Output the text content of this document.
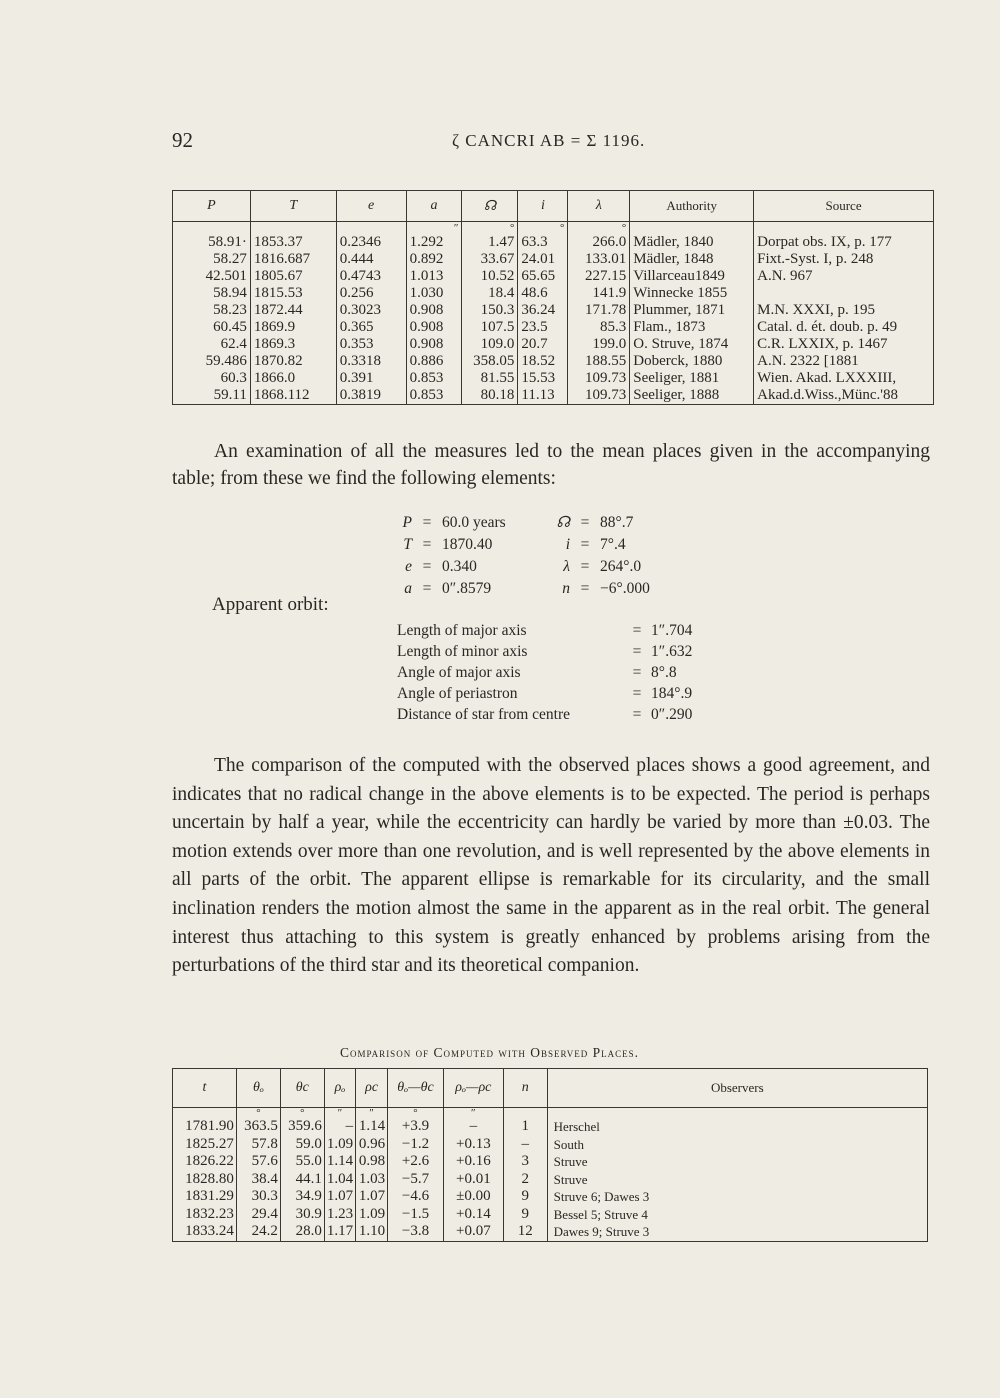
92	ζ CANCRI AB = Σ 1196.
P	T	e	a	☊	i	λ	Authority	Source
			″	°	°	°		
58.91·	1853.37	0.2346	1.292	1.47	63.3	266.0	Mädler, 1840	Dorpat obs. IX, p. 177
58.27	1816.687	0.444	0.892	33.67	24.01	133.01	Mädler, 1848	Fixt.-Syst. I, p. 248
42.501	1805.67	0.4743	1.013	10.52	65.65	227.15	Villarceau1849	A.N. 967
58.94	1815.53	0.256	1.030	18.4	48.6	141.9	Winnecke 1855	
58.23	1872.44	0.3023	0.908	150.3	36.24	171.78	Plummer, 1871	M.N. XXXI, p. 195
60.45	1869.9	0.365	0.908	107.5	23.5	85.3	Flam., 1873	Catal. d. ét. doub. p. 49
62.4	1869.3	0.353	0.908	109.0	20.7	199.0	O. Struve, 1874	C.R. LXXIX, p. 1467
59.486	1870.82	0.3318	0.886	358.05	18.52	188.55	Doberck, 1880	A.N. 2322 [1881
60.3	1866.0	0.391	0.853	81.55	15.53	109.73	Seeliger, 1881	Wien. Akad. LXXXIII,
59.11	1868.112	0.3819	0.853	80.18	11.13	109.73	Seeliger, 1888	Akad.d.Wiss.,Münc.'88
An examination of all the measures led to the mean places given in the accompanying table; from these we find the following elements:
P = 60.0 years
T = 1870.40
e = 0.340
a = 0″.8579
☊ = 88°.7
i = 7°.4
λ = 264°.0
n = −6°.000
Apparent orbit:
Length of major axis	= 1″.704
Length of minor axis	= 1″.632
Angle of major axis	= 8°.8
Angle of periastron	= 184°.9
Distance of star from centre	= 0″.290
The comparison of the computed with the observed places shows a good agreement, and indicates that no radical change in the above elements is to be expected. The period is perhaps uncertain by half a year, while the eccentricity can hardly be varied by more than ±0.03. The motion extends over more than one revolution, and is well represented by the above elements in all parts of the orbit. The apparent ellipse is remarkable for its circularity, and the small inclination renders the motion almost the same in the apparent as in the real orbit. The general interest thus attaching to this system is greatly enhanced by problems arising from the perturbations of the third star and its theoretical companion.
Comparison of Computed with Observed Places.
t	θₒ	θc	ρₒ	ρc	θₒ—θc	ρₒ—ρc	n	Observers
	°	°	″	″	°	″		
1781.90	363.5	359.6	–	1.14	+3.9	–	1	Herschel
1825.27	57.8	59.0	1.09	0.96	−1.2	+0.13	–	South
1826.22	57.6	55.0	1.14	0.98	+2.6	+0.16	3	Struve
1828.80	38.4	44.1	1.04	1.03	−5.7	+0.01	2	Struve
1831.29	30.3	34.9	1.07	1.07	−4.6	±0.00	9	Struve 6; Dawes 3
1832.23	29.4	30.9	1.23	1.09	−1.5	+0.14	9	Bessel 5; Struve 4
1833.24	24.2	28.0	1.17	1.10	−3.8	+0.07	12	Dawes 9; Struve 3
